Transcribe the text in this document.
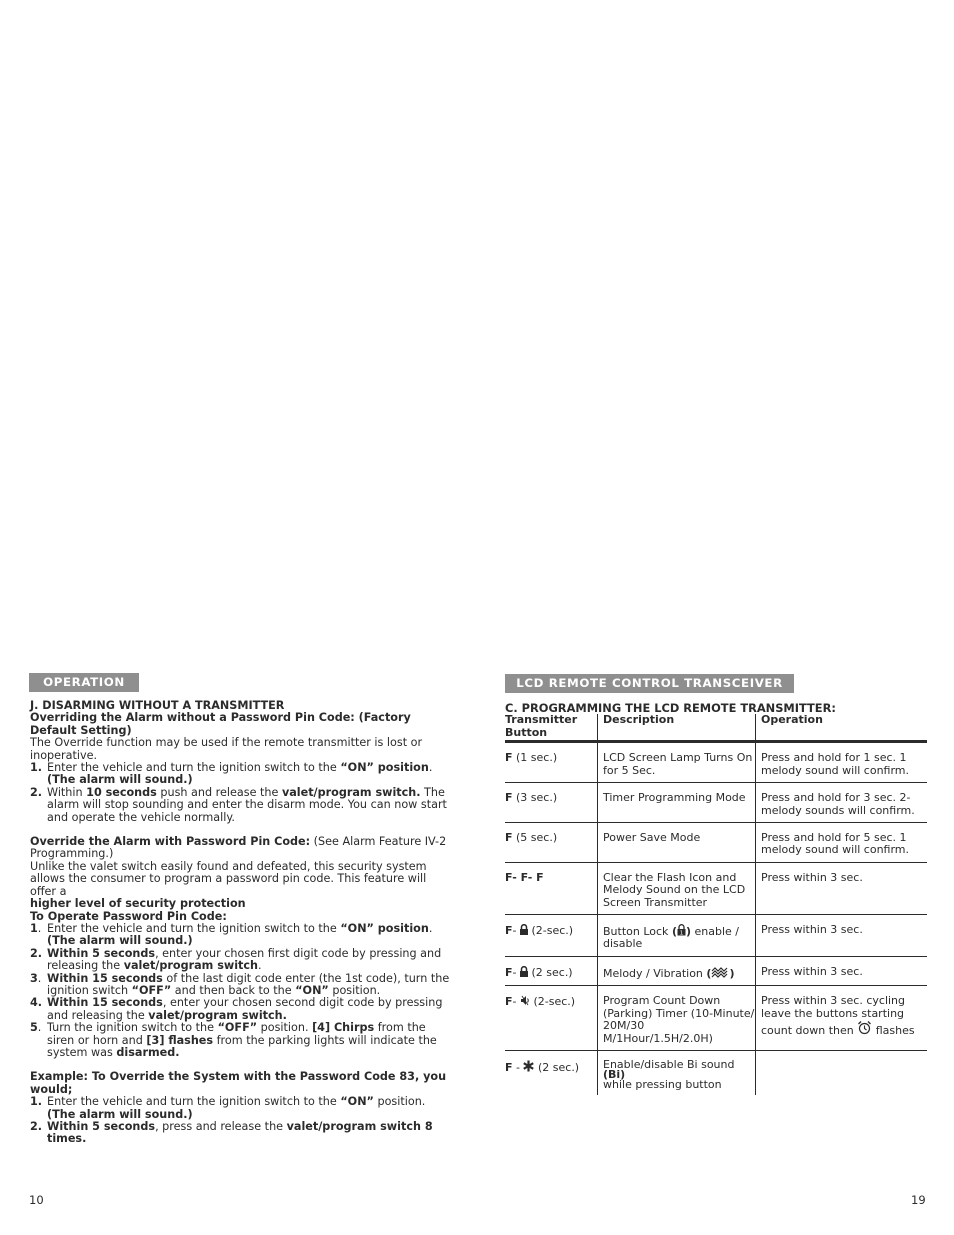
OPERATION

J. DISARMING WITHOUT A TRANSMITTER

Overriding the Alarm without a Password Pin Code: (Factory Default Setting)

The Override function may be used if the remote transmitter is lost or inoperative.

1. Enter the vehicle and turn the ignition switch to the “ON” position.
(The alarm will sound.)
2. Within 10 seconds push and release the valet/program switch. The alarm will stop sounding and enter the disarm mode. You can now start and operate the vehicle normally.

Override the Alarm with Password Pin Code: (See Alarm Feature IV-2 Programming.)

Unlike the valet switch easily found and defeated, this security system allows the consumer to program a password pin code. This feature will offer a
higher level of security protection

To Operate Password Pin Code:

1. Enter the vehicle and turn the ignition switch to the “ON” position.
(The alarm will sound.)
2. Within 5 seconds, enter your chosen first digit code by pressing and releasing the valet/program switch.
3. Within 15 seconds of the last digit code enter (the 1st code), turn the ignition switch “OFF” and then back to the “ON” position.
4. Within 15 seconds, enter your chosen second digit code by pressing and releasing the valet/program switch.
5. Turn the ignition switch to the “OFF” position. [4] Chirps from the siren or horn and [3] flashes from the parking lights will indicate the system was disarmed.

Example: To Override the System with the Password Code 83, you would;

1. Enter the vehicle and turn the ignition switch to the “ON” position.
(The alarm will sound.)
2. Within 5 seconds, press and release the valet/program switch 8 times.
10
LCD REMOTE CONTROL TRANSCEIVER

C. PROGRAMMING THE LCD REMOTE TRANSMITTER:

Transmitter Button	Description	Operation
F (1 sec.)	LCD Screen Lamp Turns On for 5 Sec.	Press and hold for 1 sec. 1 melody sound will confirm.
F (3 sec.)	Timer Programming Mode	Press and hold for 3 sec. 2-melody sounds will confirm.
F (5 sec.)	Power Save Mode	Press and hold for 5 sec. 1 melody sound will confirm.
F- F- F	Clear the Flash Icon and Melody Sound on the LCD Screen Transmitter	Press within 3 sec.
F-  (2-sec.)	Button Lock ( 1 ) enable / disable	Press within 3 sec.
F-  (2 sec.)	Melody / Vibration ( )	Press within 3 sec.
F-  (2-sec.)	Program Count Down (Parking) Timer (10-Minute/ 20M/30 M/1Hour/1.5H/2.0H)	Press within 3 sec. cycling leave the buttons starting count down then  flashes
F -  (2 sec.)	Enable/disable Bi sound (Bi)
while pressing button	
19
